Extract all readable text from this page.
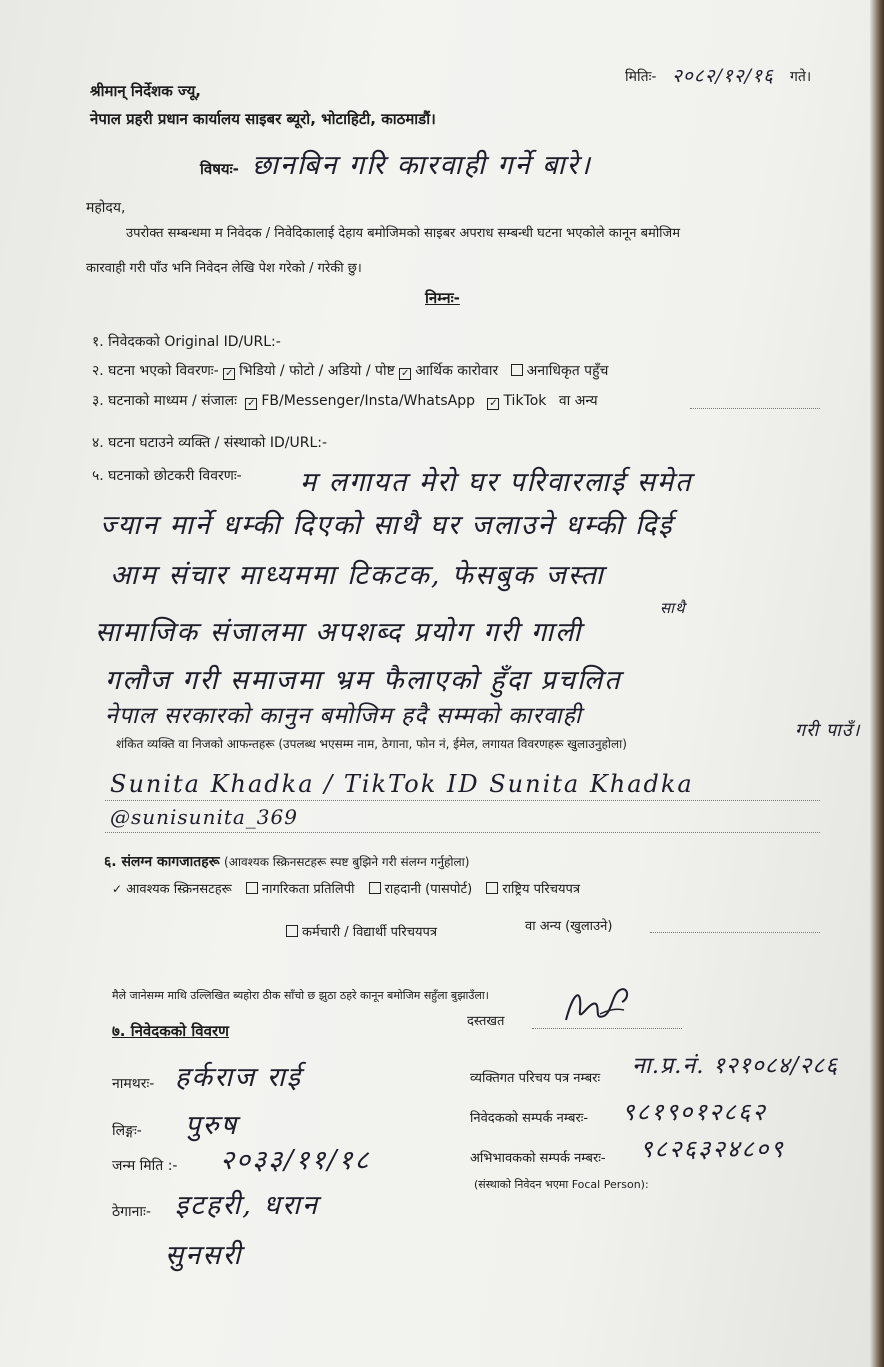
श्रीमान् निर्देशक ज्यू,
मितिः- २०८२/१२/१६ गते।
नेपाल प्रहरी प्रधान कार्यालय साइबर ब्यूरो, भोटाहिटी, काठमाडौं।
विषयः- छानबिन गरि कारवाही गर्ने बारे।
महोदय,
उपरोक्त सम्बन्धमा म निवेदक / निवेदिकालाई देहाय बमोजिमको साइबर अपराध सम्बन्धी घटना भएकोले कानून बमोजिम
कारवाही गरी पाँउ भनि निवेदन लेखि पेश गरेको / गरेकी छु।
निम्नः-
१. निवेदकको Original ID/URL:-
२. घटना भएको विवरणः- ✓ भिडियो / फोटो / अडियो / पोष्ट ✓ आर्थिक कारोवार अनाधिकृत पहुँच
३. घटनाको माध्यम / संजालः ✓ FB/Messenger/Insta/WhatsApp ✓ TikTok वा अन्य
४. घटना घटाउने व्यक्ति / संस्थाको ID/URL:-
५. घटनाको छोटकरी विवरणः- म लगायत मेरो घर परिवारलाई समेत
ज्यान मार्ने धम्की दिएको साथै घर जलाउने धम्की दिई
आम संचार माध्यममा टिकटक, फेसबुक जस्ता
साथै
सामाजिक संजालमा अपशब्द प्रयोग गरी गाली
गलौज गरी समाजमा भ्रम फैलाएको हुँदा प्रचलित
नेपाल सरकारको कानुन बमोजिम हदै सम्मको कारवाही
गरी पाउँ।
शंकित व्यक्ति वा निजको आफन्तहरू (उपलब्ध भएसम्म नाम, ठेगाना, फोन नं, ईमेल, लगायत विवरणहरू खुलाउनुहोला)
Sunita Khadka / TikTok ID Sunita Khadka
@sunisunita_369
६. संलग्न कागजातहरू (आवश्यक स्क्रिनसटहरू स्पष्ट बुझिने गरी संलग्न गर्नुहोला)
✓ आवश्यक स्क्रिनसटहरू नागरिकता प्रतिलिपी राहदानी (पासपोर्ट) राष्ट्रिय परिचयपत्र
कर्मचारी / विद्यार्थी परिचयपत्र	वा अन्य (खुलाउने)
मैले जानेसम्म माथि उल्लिखित ब्यहोरा ठीक साँचो छ झुठा ठहरे कानून बमोजिम सहुँला बुझाउँला।
७. निवेदकको विवरण
दस्तखत
नामथरः- हर्कराज राई
लिङ्गः- पुरुष
जन्म मिति :- २०३३/११/१८
ठेगानाः- इटहरी, धरान
सुनसरी
व्यक्तिगत परिचय पत्र नम्बरः ना.प्र.नं. १२१०८४/२८६
निवेदकको सम्पर्क नम्बरः- ९८१९०१२८६२
अभिभावकको सम्पर्क नम्बरः- ९८२६३२४८०९
(संस्थाको निवेदन भएमा Focal Person):
